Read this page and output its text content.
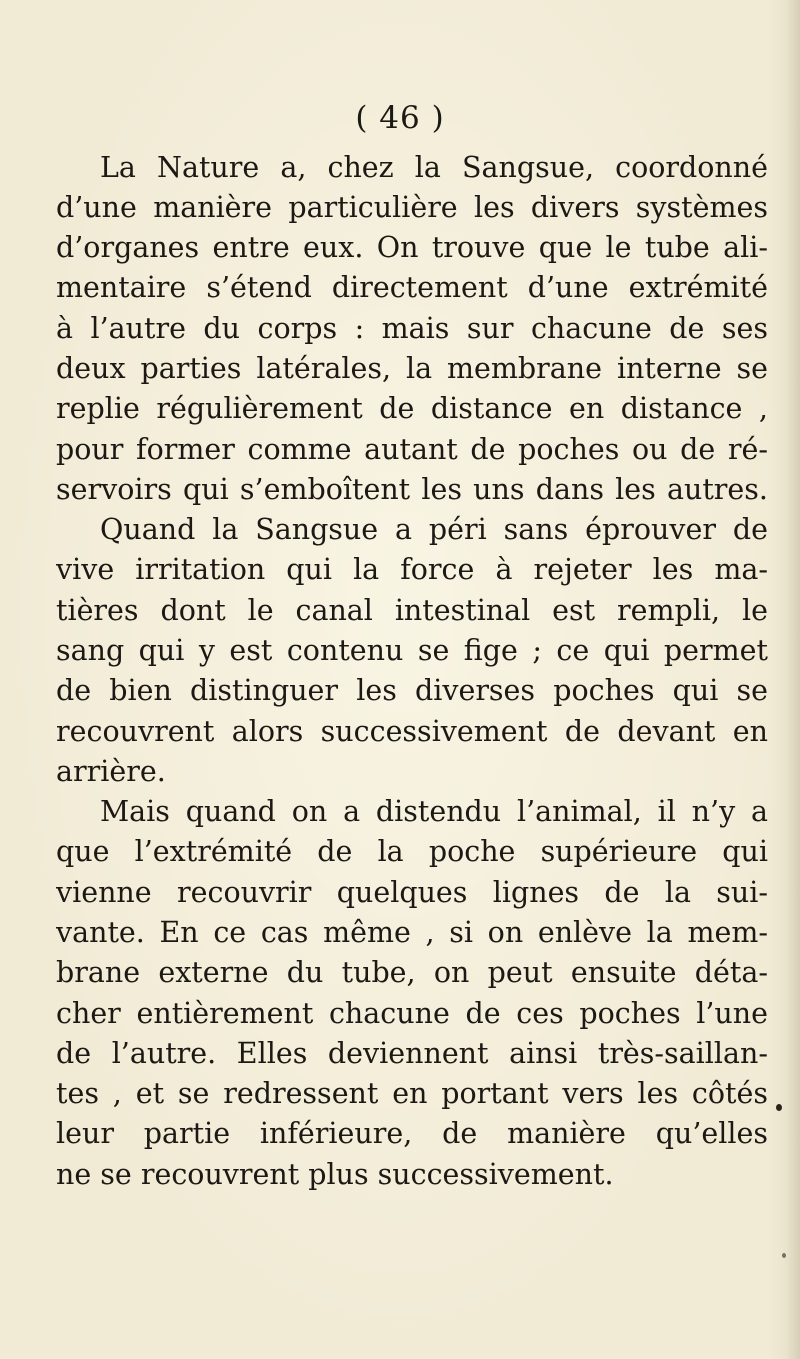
( 46 )
La Nature a, chez la Sangsue, coordonné
d’une manière particulière les divers systèmes
d’organes entre eux. On trouve que le tube ali-
mentaire s’étend directement d’une extrémité
à l’autre du corps : mais sur chacune de ses
deux parties latérales, la membrane interne se
replie régulièrement de distance en distance ,
pour former comme autant de poches ou de ré-
servoirs qui s’emboîtent les uns dans les autres.
Quand la Sangsue a péri sans éprouver de
vive irritation qui la force à rejeter les ma-
tières dont le canal intestinal est rempli, le
sang qui y est contenu se fige ; ce qui permet
de bien distinguer les diverses poches qui se
recouvrent alors successivement de devant en
arrière.
Mais quand on a distendu l’animal, il n’y a
que l’extrémité de la poche supérieure qui
vienne recouvrir quelques lignes de la sui-
vante. En ce cas même , si on enlève la mem-
brane externe du tube, on peut ensuite déta-
cher entièrement chacune de ces poches l’une
de l’autre. Elles deviennent ainsi très-saillan-
tes , et se redressent en portant vers les côtés
leur partie inférieure, de manière qu’elles
ne se recouvrent plus successivement.
